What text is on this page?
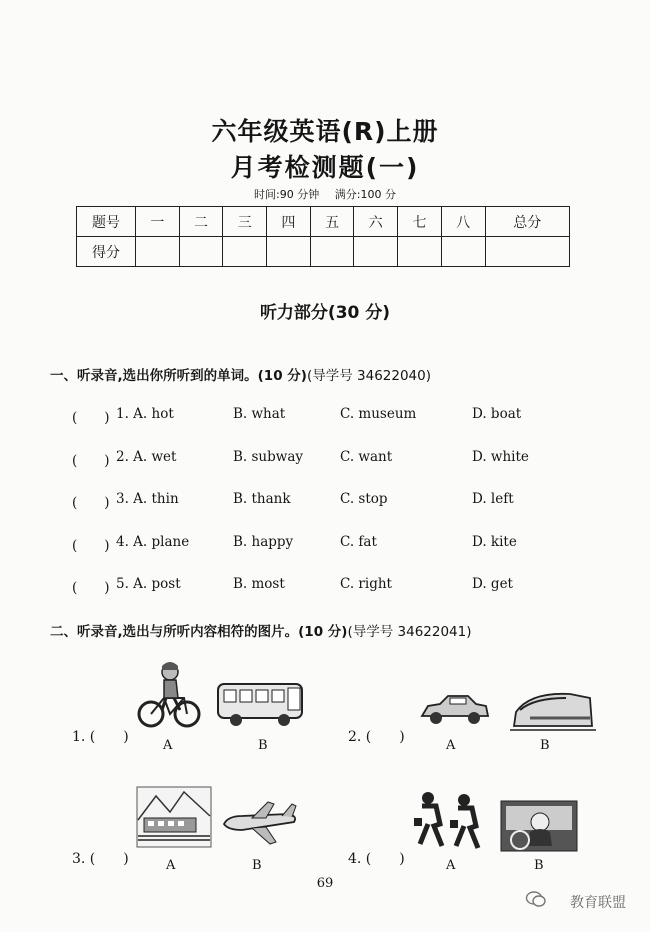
六年级英语(R)上册
月考检测题(一)
时间:90 分钟 满分:100 分
题号	一	二	三	四	五	六	七	八	总分
得分									
听力部分(30 分)
一、听录音,选出你所听到的单词。(10 分)(导学号 34622040)
(　　) 1. A. hot	B. what	C. museum	D. boat
(　　) 2. A. wet	B. subway	C. want	D. white
(　　) 3. A. thin	B. thank	C. stop	D. left
(　　) 4. A. plane	B. happy	C. fat	D. kite
(　　) 5. A. post	B. most	C. right	D. get
二、听录音,选出与所听内容相符的图片。(10 分)(导学号 34622041)
1. (　　)
A	B
2. (　　)
A	B
3. (　　)	A	B	4. (　　)	A	B
69
教育联盟
